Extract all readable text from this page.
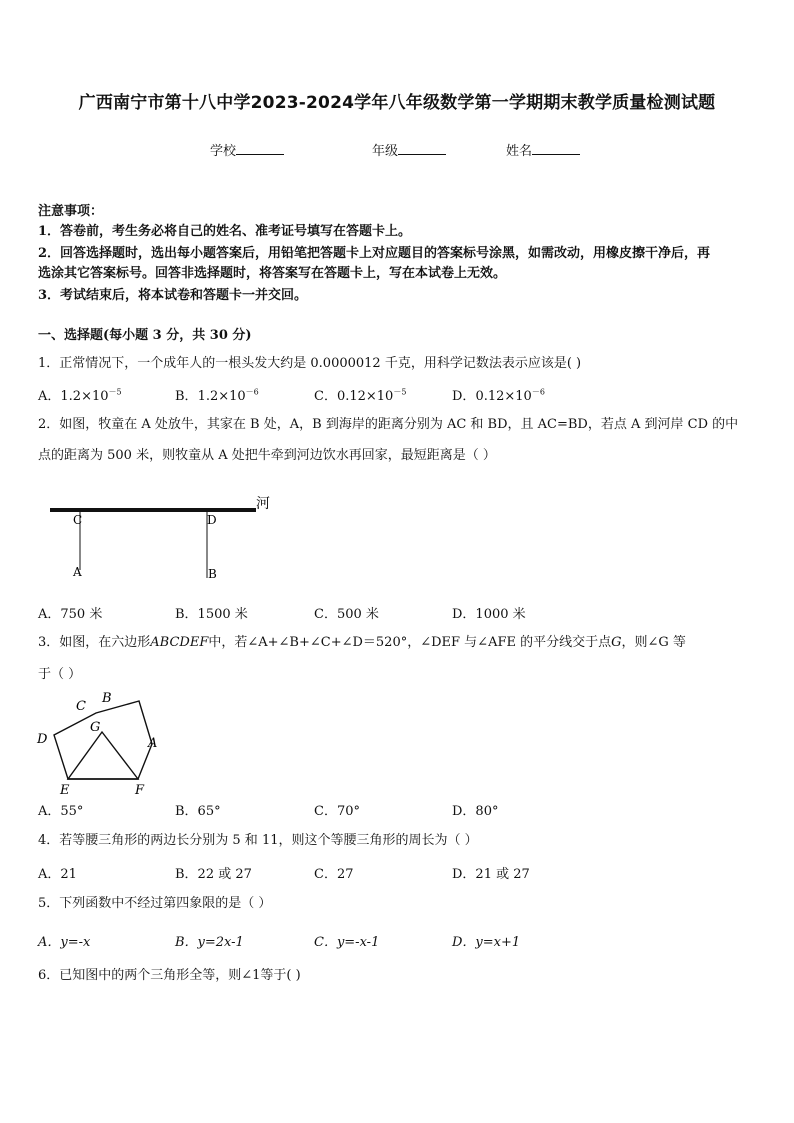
广西南宁市第十八中学2023-2024学年八年级数学第一学期期末教学质量检测试题
学校	年级	姓名
注意事项：
1．答卷前，考生务必将自己的姓名、准考证号填写在答题卡上。
2．回答选择题时，选出每小题答案后，用铅笔把答题卡上对应题目的答案标号涂黑，如需改动，用橡皮擦干净后，再
选涂其它答案标号。回答非选择题时，将答案写在答题卡上，写在本试卷上无效。
3．考试结束后，将本试卷和答题卡一并交回。
一、选择题(每小题 3 分，共 30 分)
1．正常情况下，一个成年人的一根头发大约是 0.0000012 千克，用科学记数法表示应该是( )
A．$1.2\times 10^{-5}$	B．$1.2\times 10^{-6}$	C．$0.12\times 10^{-5}$	D．$0.12\times 10^{-6}$
2．如图，牧童在 A 处放牛，其家在 B 处，A，B 到海岸的距离分别为 AC 和 BD，且 AC=BD，若点 A 到河岸 CD 的中
点的距离为 500 米，则牧童从 A 处把牛牵到河边饮水再回家，最短距离是（ ）
河
C	D
A	B
A．750 米	B．1500 米	C．500 米	D．1000 米
3．如图，在六边形ABCDEF中，若∠A+∠B+∠C+∠D＝520°，∠DEF 与∠AFE 的平分线交于点G，则∠G 等
于（ ）
B
C
G
D	A
E	F
A．55°	B．65°	C．70°	D．80°
4．若等腰三角形的两边长分别为 5 和 11，则这个等腰三角形的周长为（ ）
A．21	B．22 或 27	C．27	D．21 或 27
5．下列函数中不经过第四象限的是（ ）
A．y=-x	B．y=2x-1	C．y=-x-1	D．y=x+1
6．已知图中的两个三角形全等，则∠1等于( )
